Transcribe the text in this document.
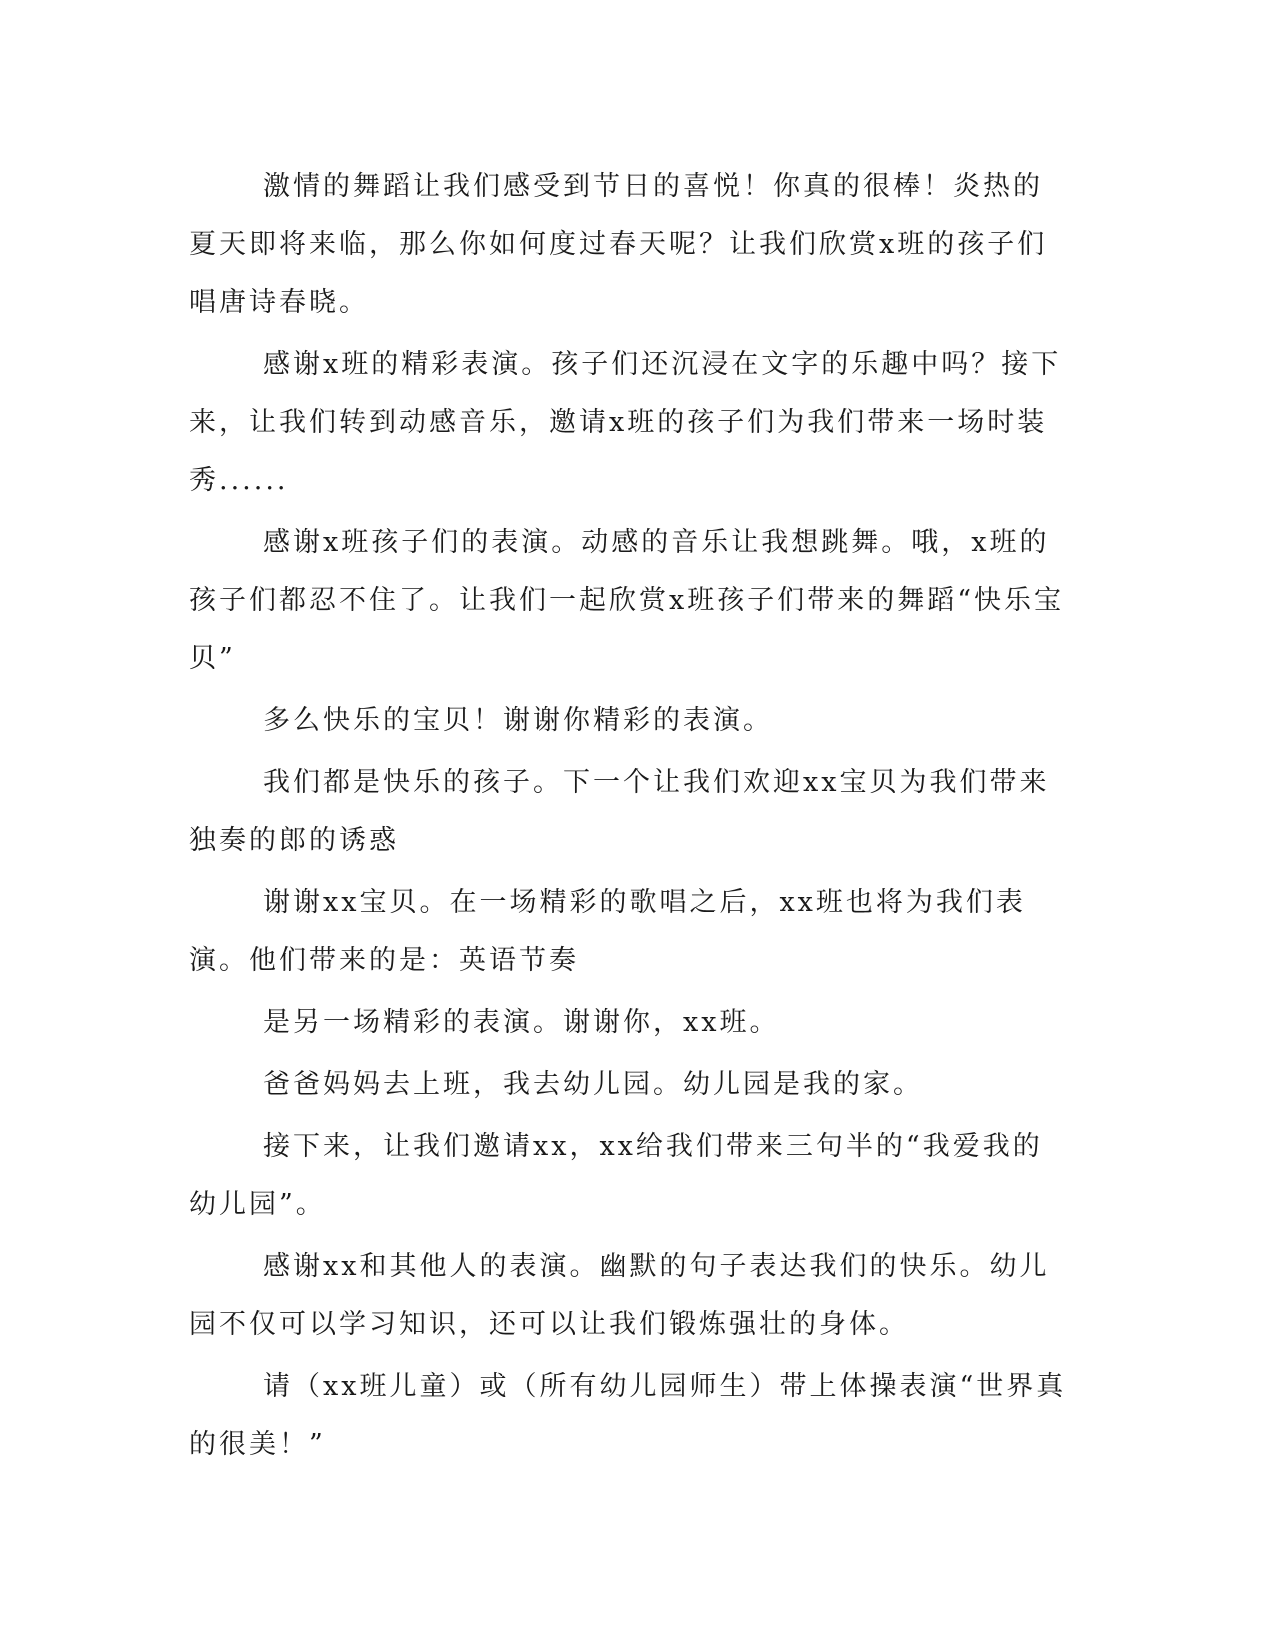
激情的舞蹈让我们感受到节日的喜悦！你真的很棒！炎热的夏天即将来临，那么你如何度过春天呢？让我们欣赏x班的孩子们唱唐诗春晓。

感谢x班的精彩表演。孩子们还沉浸在文字的乐趣中吗？接下来，让我们转到动感音乐，邀请x班的孩子们为我们带来一场时装秀......

感谢x班孩子们的表演。动感的音乐让我想跳舞。哦，x班的孩子们都忍不住了。让我们一起欣赏x班孩子们带来的舞蹈“快乐宝贝”

多么快乐的宝贝！谢谢你精彩的表演。

我们都是快乐的孩子。下一个让我们欢迎xx宝贝为我们带来独奏的郎的诱惑

谢谢xx宝贝。在一场精彩的歌唱之后，xx班也将为我们表演。他们带来的是：英语节奏

是另一场精彩的表演。谢谢你，xx班。

爸爸妈妈去上班，我去幼儿园。幼儿园是我的家。

接下来，让我们邀请xx，xx给我们带来三句半的“我爱我的幼儿园”。

感谢xx和其他人的表演。幽默的句子表达我们的快乐。幼儿园不仅可以学习知识，还可以让我们锻炼强壮的身体。

请（xx班儿童）或（所有幼儿园师生）带上体操表演“世界真的很美！”
